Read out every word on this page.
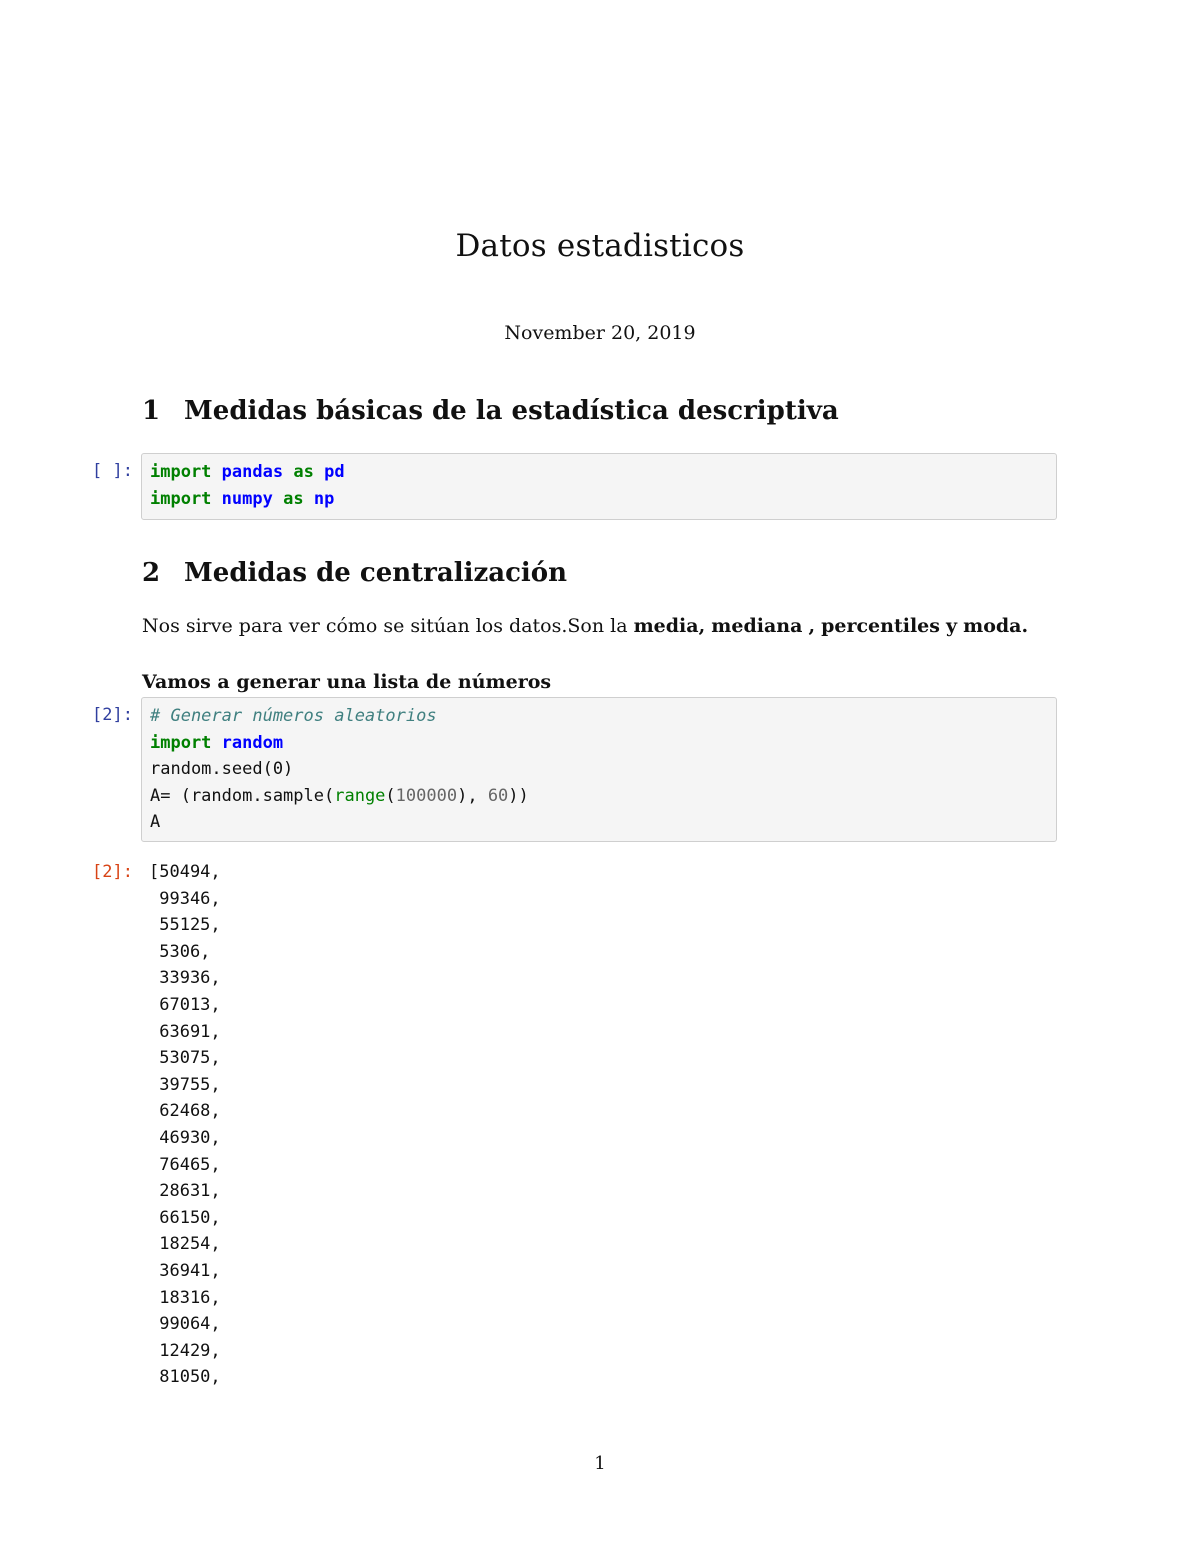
Datos estadisticos
November 20, 2019
1 Medidas básicas de la estadística descriptiva
[ ]: import pandas as pd
import numpy as np
2 Medidas de centralización
Nos sirve para ver cómo se sitúan los datos.Son la media, mediana , percentiles y moda.
Vamos a generar una lista de números
[2]: # Generar números aleatorios
import random
random.seed(0)
A= (random.sample(range(100000), 60))
A
[2]: [50494,
99346,
55125,
5306,
33936,
67013,
63691,
53075,
39755,
62468,
46930,
76465,
28631,
66150,
18254,
36941,
18316,
99064,
12429,
81050,
1
